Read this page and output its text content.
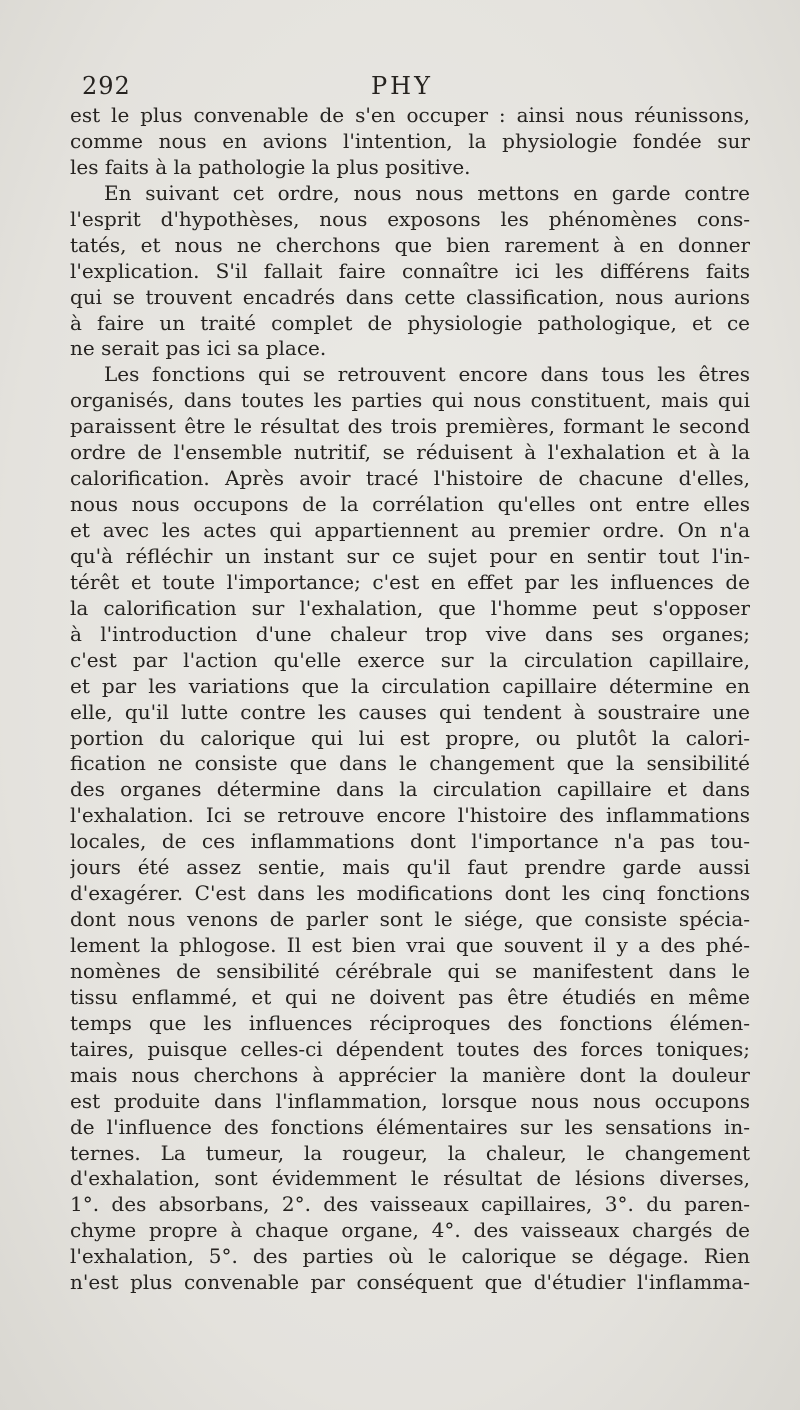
292	PHY
est le plus convenable de s'en occuper : ainsi nous réunissons,
comme nous en avions l'intention, la physiologie fondée sur
les faits à la pathologie la plus positive.
En suivant cet ordre, nous nous mettons en garde contre
l'esprit d'hypothèses, nous exposons les phénomènes cons-
tatés, et nous ne cherchons que bien rarement à en donner
l'explication. S'il fallait faire connaître ici les différens faits
qui se trouvent encadrés dans cette classification, nous aurions
à faire un traité complet de physiologie pathologique, et ce
ne serait pas ici sa place.
Les fonctions qui se retrouvent encore dans tous les êtres
organisés, dans toutes les parties qui nous constituent, mais qui
paraissent être le résultat des trois premières, formant le second
ordre de l'ensemble nutritif, se réduisent à l'exhalation et à la
calorification. Après avoir tracé l'histoire de chacune d'elles,
nous nous occupons de la corrélation qu'elles ont entre elles
et avec les actes qui appartiennent au premier ordre. On n'a
qu'à réfléchir un instant sur ce sujet pour en sentir tout l'in-
térêt et toute l'importance; c'est en effet par les influences de
la calorification sur l'exhalation, que l'homme peut s'opposer
à l'introduction d'une chaleur trop vive dans ses organes;
c'est par l'action qu'elle exerce sur la circulation capillaire,
et par les variations que la circulation capillaire détermine en
elle, qu'il lutte contre les causes qui tendent à soustraire une
portion du calorique qui lui est propre, ou plutôt la calori-
fication ne consiste que dans le changement que la sensibilité
des organes détermine dans la circulation capillaire et dans
l'exhalation. Ici se retrouve encore l'histoire des inflammations
locales, de ces inflammations dont l'importance n'a pas tou-
jours été assez sentie, mais qu'il faut prendre garde aussi
d'exagérer. C'est dans les modifications dont les cinq fonctions
dont nous venons de parler sont le siége, que consiste spécia-
lement la phlogose. Il est bien vrai que souvent il y a des phé-
nomènes de sensibilité cérébrale qui se manifestent dans le
tissu enflammé, et qui ne doivent pas être étudiés en même
temps que les influences réciproques des fonctions élémen-
taires, puisque celles-ci dépendent toutes des forces toniques;
mais nous cherchons à apprécier la manière dont la douleur
est produite dans l'inflammation, lorsque nous nous occupons
de l'influence des fonctions élémentaires sur les sensations in-
ternes. La tumeur, la rougeur, la chaleur, le changement
d'exhalation, sont évidemment le résultat de lésions diverses,
1°. des absorbans, 2°. des vaisseaux capillaires, 3°. du paren-
chyme propre à chaque organe, 4°. des vaisseaux chargés de
l'exhalation, 5°. des parties où le calorique se dégage. Rien
n'est plus convenable par conséquent que d'étudier l'inflamma-
